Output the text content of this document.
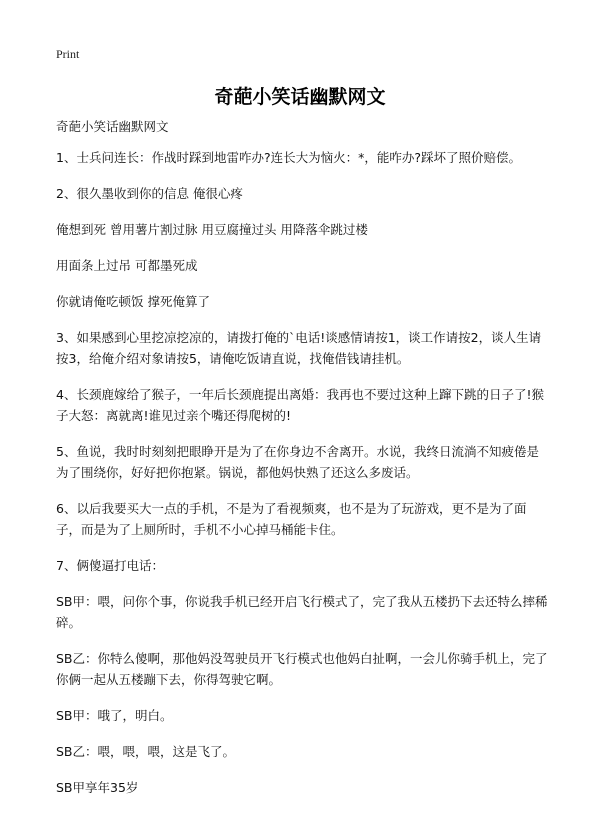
Print
奇葩小笑话幽默网文

奇葩小笑话幽默网文

1、士兵问连长：作战时踩到地雷咋办?连长大为恼火：*，能咋办?踩坏了照价赔偿。

2、很久墨收到你的信息 俺很心疼

俺想到死 曾用薯片割过脉 用豆腐撞过头 用降落伞跳过楼

用面条上过吊 可都墨死成

你就请俺吃顿饭 撑死俺算了

3、如果感到心里挖凉挖凉的，请拨打俺的`电话!谈感情请按1，谈工作请按2，谈人生请按3，给俺介绍对象请按5，请俺吃饭请直说，找俺借钱请挂机。

4、长颈鹿嫁给了猴子，一年后长颈鹿提出离婚：我再也不要过这种上蹿下跳的日子了!猴子大怒：离就离!谁见过亲个嘴还得爬树的!

5、鱼说，我时时刻刻把眼睁开是为了在你身边不舍离开。水说，我终日流淌不知疲倦是为了围绕你，好好把你抱紧。锅说，都他妈快熟了还这么多废话。

6、以后我要买大一点的手机，不是为了看视频爽，也不是为了玩游戏，更不是为了面子，而是为了上厕所时，手机不小心掉马桶能卡住。

7、俩傻逼打电话：

SB甲：喂，问你个事，你说我手机已经开启飞行模式了，完了我从五楼扔下去还特么摔稀碎。

SB乙：你特么傻啊，那他妈没驾驶员开飞行模式也他妈白扯啊，一会儿你骑手机上，完了你俩一起从五楼蹦下去，你得驾驶它啊。

SB甲：哦了，明白。

SB乙：喂，喂，喂，这是飞了。

SB甲享年35岁
